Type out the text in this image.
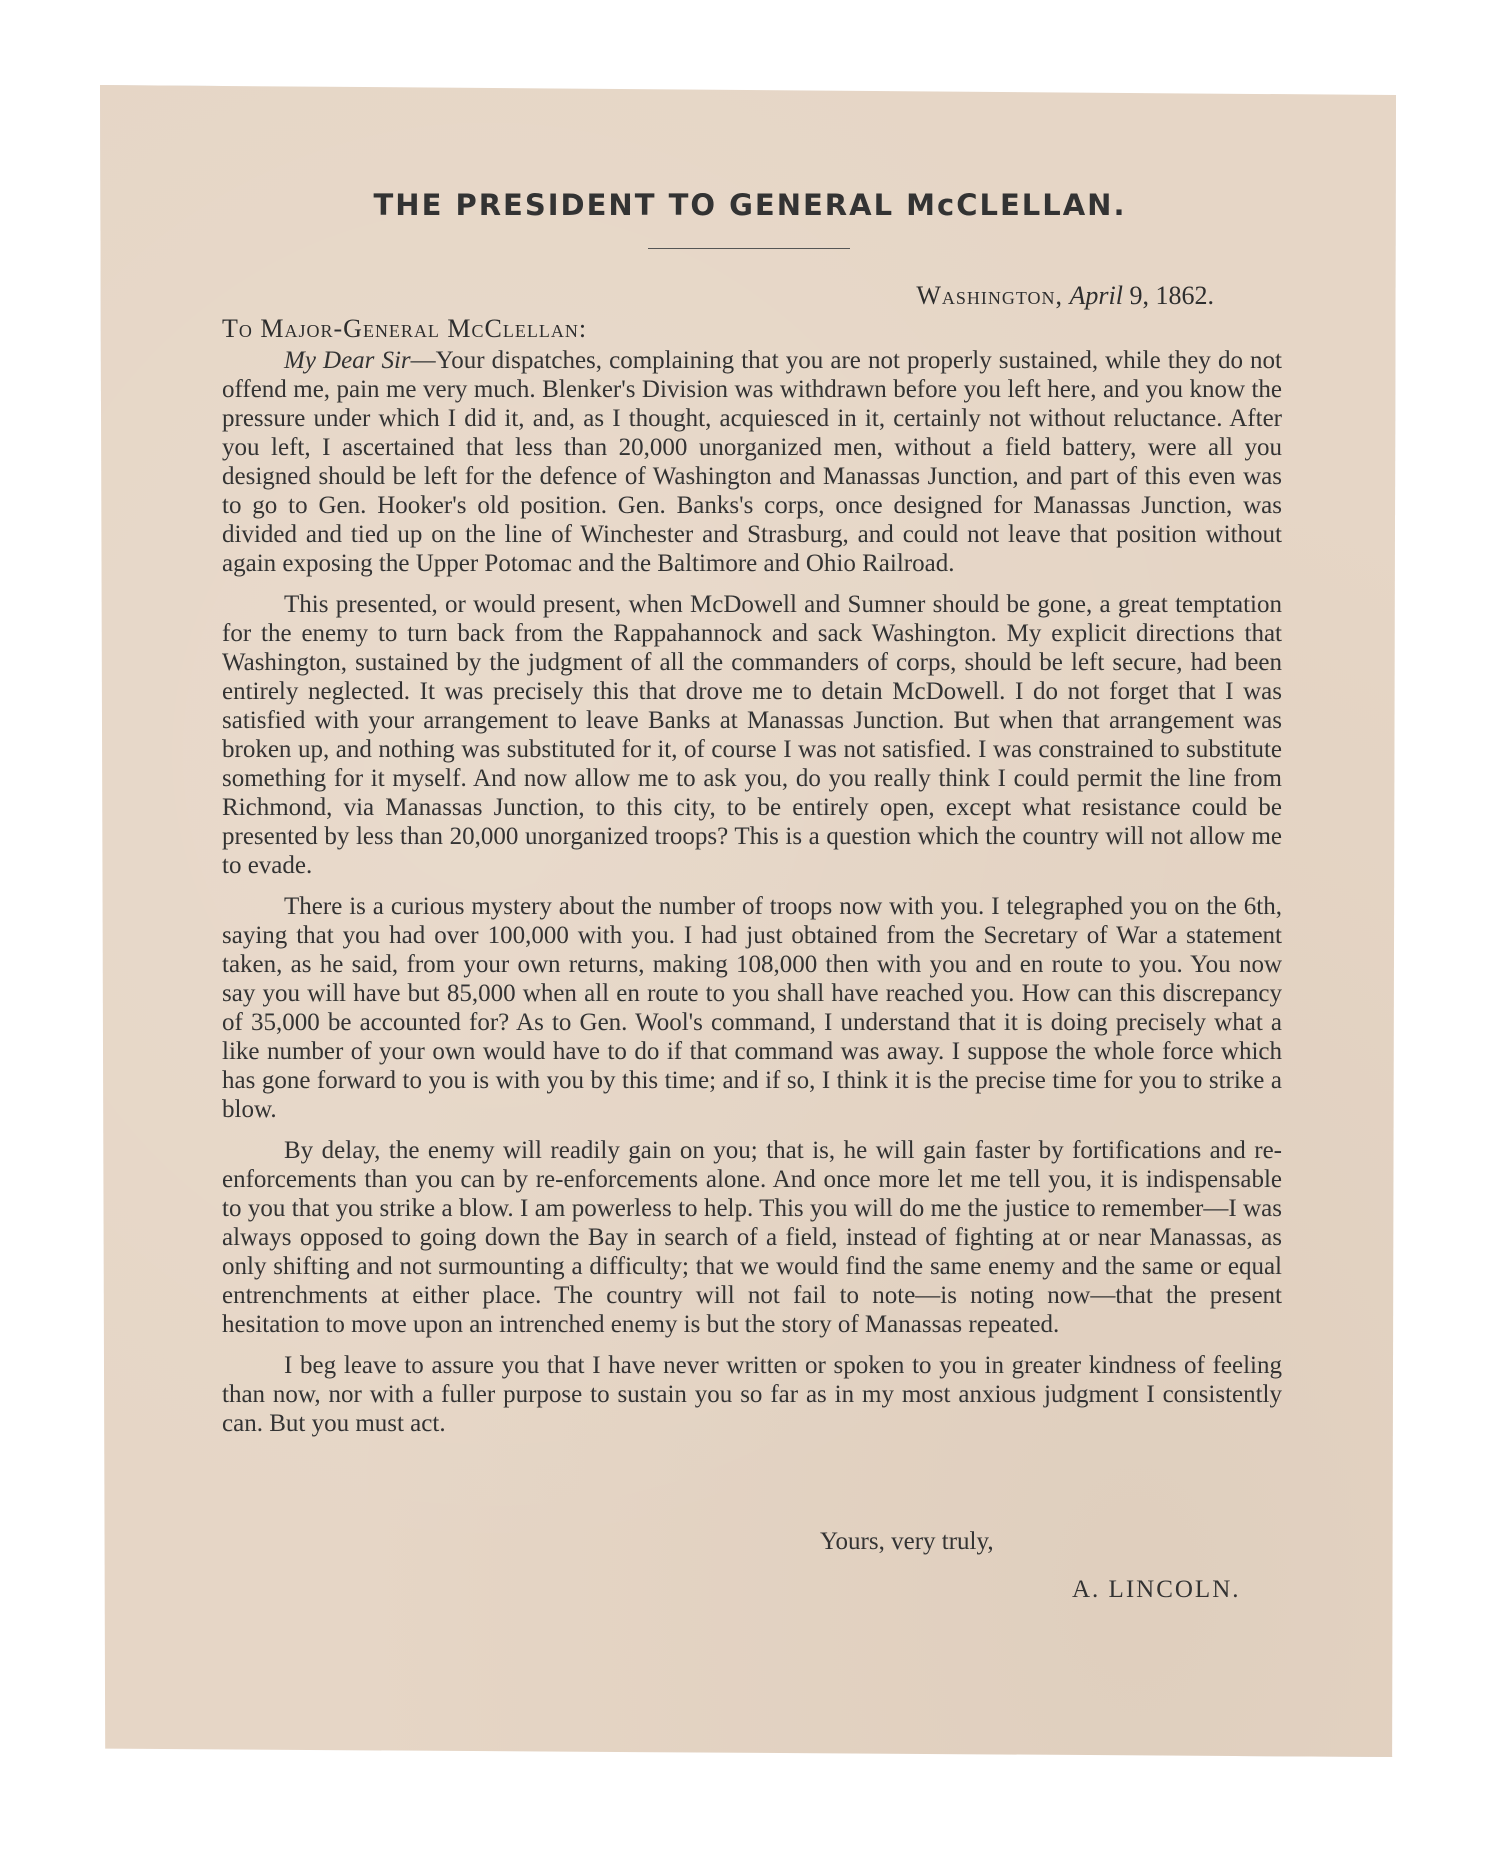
THE PRESIDENT TO GENERAL McCLELLAN.
Washington, April 9, 1862.

To Major-General McClellan:

My Dear Sir—Your dispatches, complaining that you are not properly sustained, while they do not offend me, pain me very much. Blenker's Division was withdrawn before you left here, and you know the pressure under which I did it, and, as I thought, acquiesced in it, certainly not without reluctance. After you left, I ascertained that less than 20,000 unorganized men, without a field battery, were all you designed should be left for the defence of Washington and Manassas Junction, and part of this even was to go to Gen. Hooker's old position. Gen. Banks's corps, once designed for Manassas Junction, was divided and tied up on the line of Winchester and Strasburg, and could not leave that position without again exposing the Upper Potomac and the Baltimore and Ohio Railroad.

This presented, or would present, when McDowell and Sumner should be gone, a great temptation for the enemy to turn back from the Rappahannock and sack Washington. My explicit directions that Washington, sustained by the judgment of all the commanders of corps, should be left secure, had been entirely neglected. It was precisely this that drove me to detain McDowell. I do not forget that I was satisfied with your arrangement to leave Banks at Manassas Junction. But when that arrangement was broken up, and nothing was substituted for it, of course I was not satisfied. I was constrained to substitute something for it myself. And now allow me to ask you, do you really think I could permit the line from Richmond, via Manassas Junction, to this city, to be entirely open, except what resistance could be presented by less than 20,000 unorganized troops? This is a question which the country will not allow me to evade.

There is a curious mystery about the number of troops now with you. I telegraphed you on the 6th, saying that you had over 100,000 with you. I had just obtained from the Secretary of War a statement taken, as he said, from your own returns, making 108,000 then with you and en route to you. You now say you will have but 85,000 when all en route to you shall have reached you. How can this discrepancy of 35,000 be accounted for? As to Gen. Wool's command, I understand that it is doing precisely what a like number of your own would have to do if that command was away. I suppose the whole force which has gone forward to you is with you by this time; and if so, I think it is the precise time for you to strike a blow.

By delay, the enemy will readily gain on you; that is, he will gain faster by fortifications and re-enforcements than you can by re-enforcements alone. And once more let me tell you, it is indispensable to you that you strike a blow. I am powerless to help. This you will do me the justice to remember—I was always opposed to going down the Bay in search of a field, instead of fighting at or near Manassas, as only shifting and not surmounting a difficulty; that we would find the same enemy and the same or equal entrenchments at either place. The country will not fail to note—is noting now—that the present hesitation to move upon an intrenched enemy is but the story of Manassas repeated.

I beg leave to assure you that I have never written or spoken to you in greater kindness of feeling than now, nor with a fuller purpose to sustain you so far as in my most anxious judgment I consistently can. But you must act.

Yours, very truly,

A. LINCOLN.
